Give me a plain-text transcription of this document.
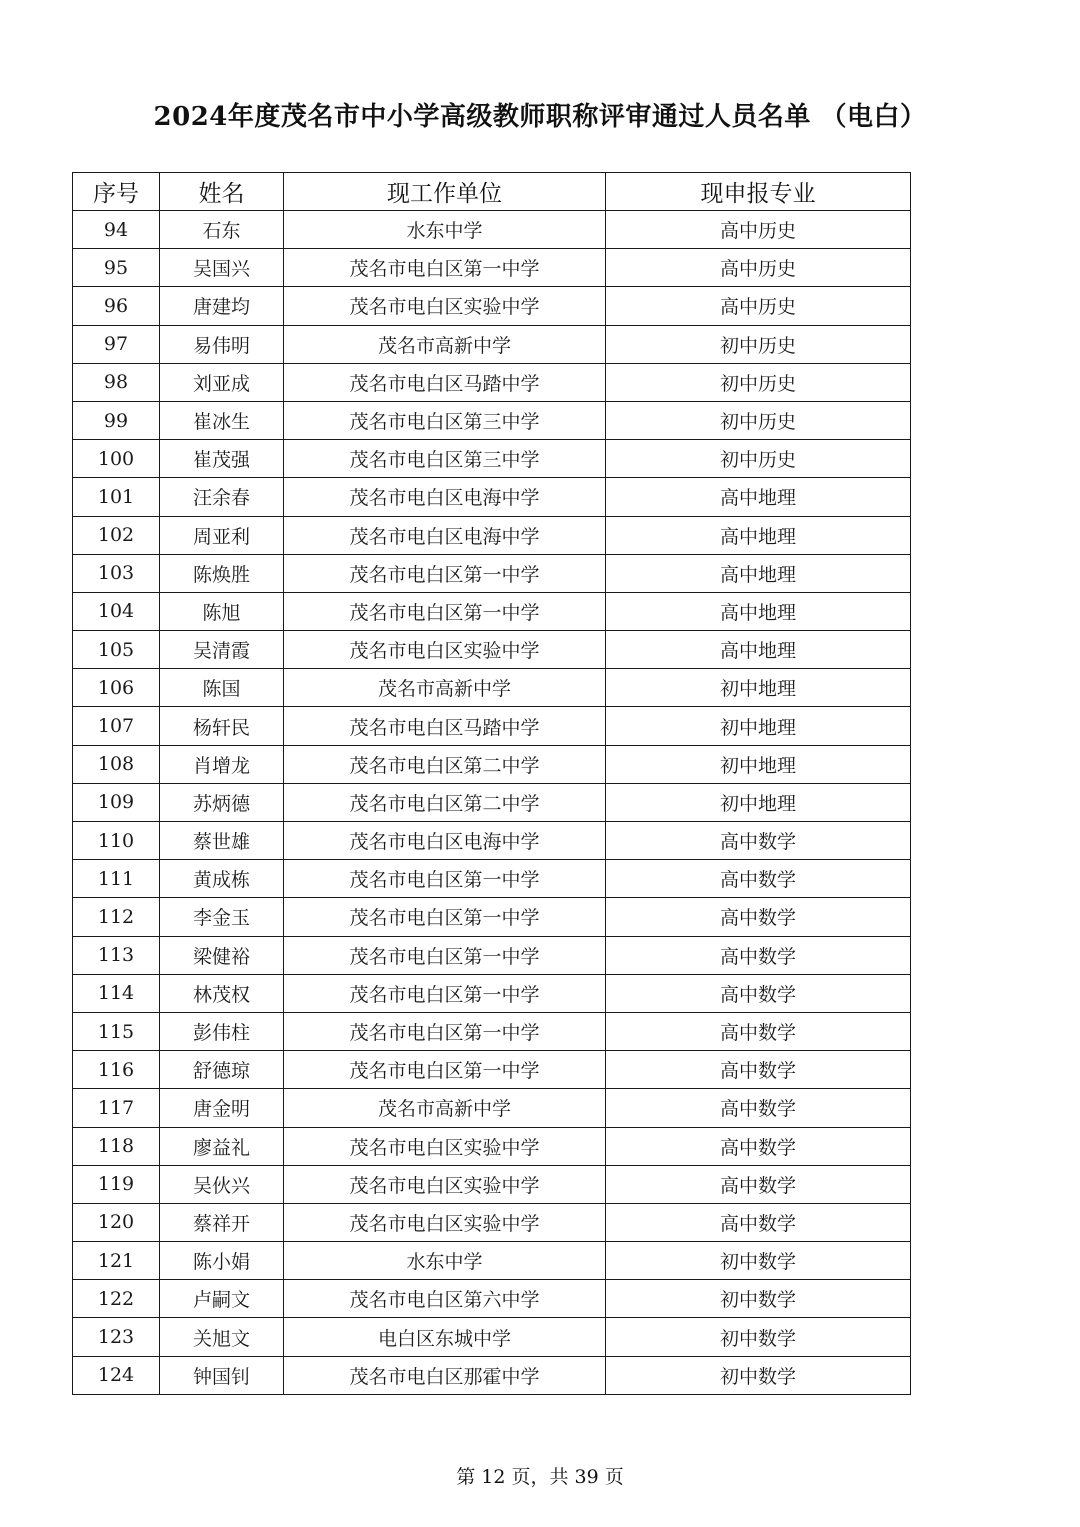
2024年度茂名市中小学高级教师职称评审通过人员名单 （电白）
序号	姓名	现工作单位	现申报专业
94	石东	水东中学	高中历史
95	吴国兴	茂名市电白区第一中学	高中历史
96	唐建均	茂名市电白区实验中学	高中历史
97	易伟明	茂名市高新中学	初中历史
98	刘亚成	茂名市电白区马踏中学	初中历史
99	崔冰生	茂名市电白区第三中学	初中历史
100	崔茂强	茂名市电白区第三中学	初中历史
101	汪余春	茂名市电白区电海中学	高中地理
102	周亚利	茂名市电白区电海中学	高中地理
103	陈焕胜	茂名市电白区第一中学	高中地理
104	陈旭	茂名市电白区第一中学	高中地理
105	吴清霞	茂名市电白区实验中学	高中地理
106	陈国	茂名市高新中学	初中地理
107	杨轩民	茂名市电白区马踏中学	初中地理
108	肖增龙	茂名市电白区第二中学	初中地理
109	苏炳德	茂名市电白区第二中学	初中地理
110	蔡世雄	茂名市电白区电海中学	高中数学
111	黄成栋	茂名市电白区第一中学	高中数学
112	李金玉	茂名市电白区第一中学	高中数学
113	梁健裕	茂名市电白区第一中学	高中数学
114	林茂权	茂名市电白区第一中学	高中数学
115	彭伟柱	茂名市电白区第一中学	高中数学
116	舒德琼	茂名市电白区第一中学	高中数学
117	唐金明	茂名市高新中学	高中数学
118	廖益礼	茂名市电白区实验中学	高中数学
119	吴伙兴	茂名市电白区实验中学	高中数学
120	蔡祥开	茂名市电白区实验中学	高中数学
121	陈小娟	水东中学	初中数学
122	卢嗣文	茂名市电白区第六中学	初中数学
123	关旭文	电白区东城中学	初中数学
124	钟国钊	茂名市电白区那霍中学	初中数学
第 12 页，共 39 页
